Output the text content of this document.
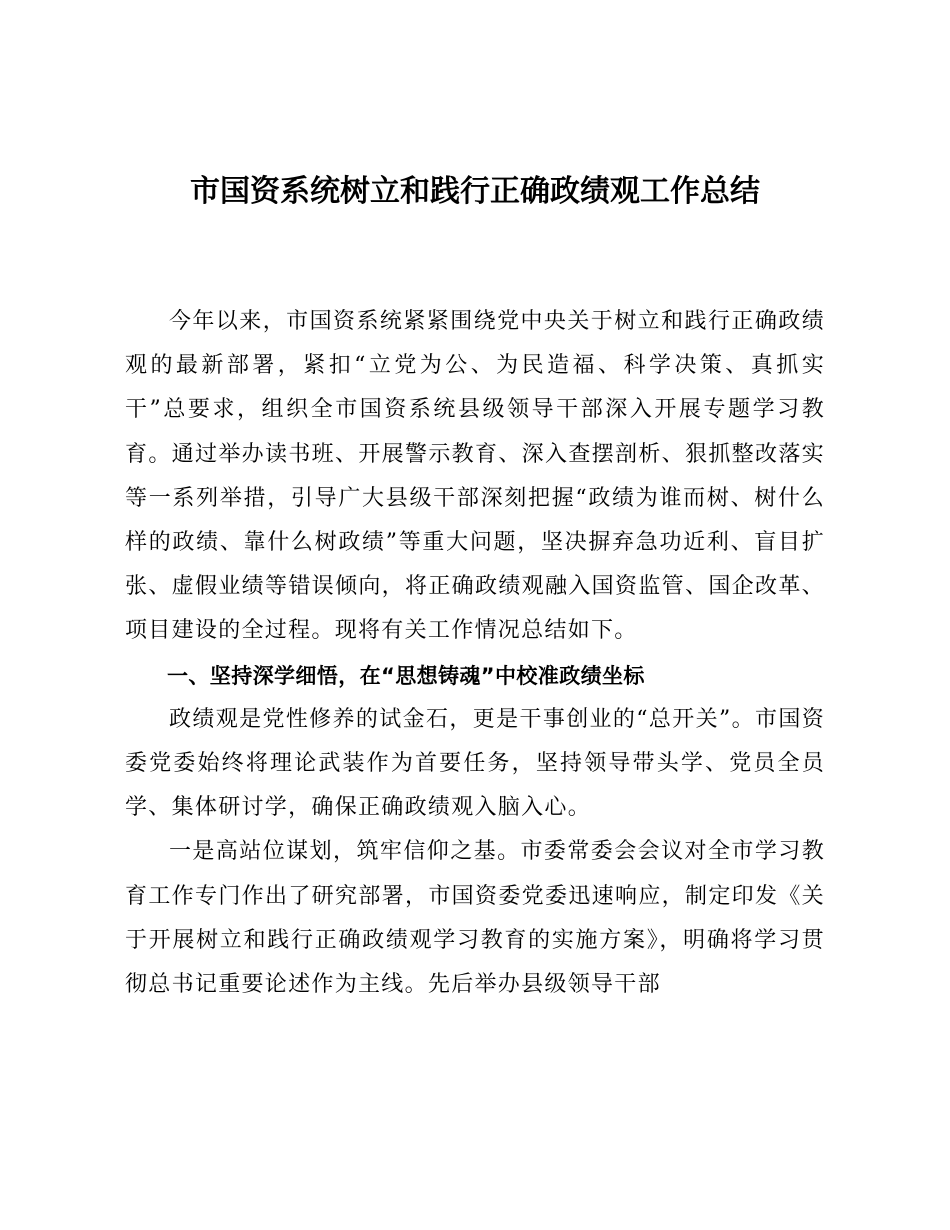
市国资系统树立和践行正确政绩观工作总结

今年以来，市国资系统紧紧围绕党中央关于树立和践行正确政绩观的最新部署，紧扣“立党为公、为民造福、科学决策、真抓实干”总要求，组织全市国资系统县级领导干部深入开展专题学习教育。通过举办读书班、开展警示教育、深入查摆剖析、狠抓整改落实等一系列举措，引导广大县级干部深刻把握“政绩为谁而树、树什么样的政绩、靠什么树政绩”等重大问题，坚决摒弃急功近利、盲目扩张、虚假业绩等错误倾向，将正确政绩观融入国资监管、国企改革、项目建设的全过程。现将有关工作情况总结如下。

一、坚持深学细悟，在“思想铸魂”中校准政绩坐标

政绩观是党性修养的试金石，更是干事创业的“总开关”。市国资委党委始终将理论武装作为首要任务，坚持领导带头学、党员全员学、集体研讨学，确保正确政绩观入脑入心。

一是高站位谋划，筑牢信仰之基。市委常委会会议对全市学习教育工作专门作出了研究部署，市国资委党委迅速响应，制定印发《关于开展树立和践行正确政绩观学习教育的实施方案》，明确将学习贯彻总书记重要论述作为主线。先后举办县级领导干部
